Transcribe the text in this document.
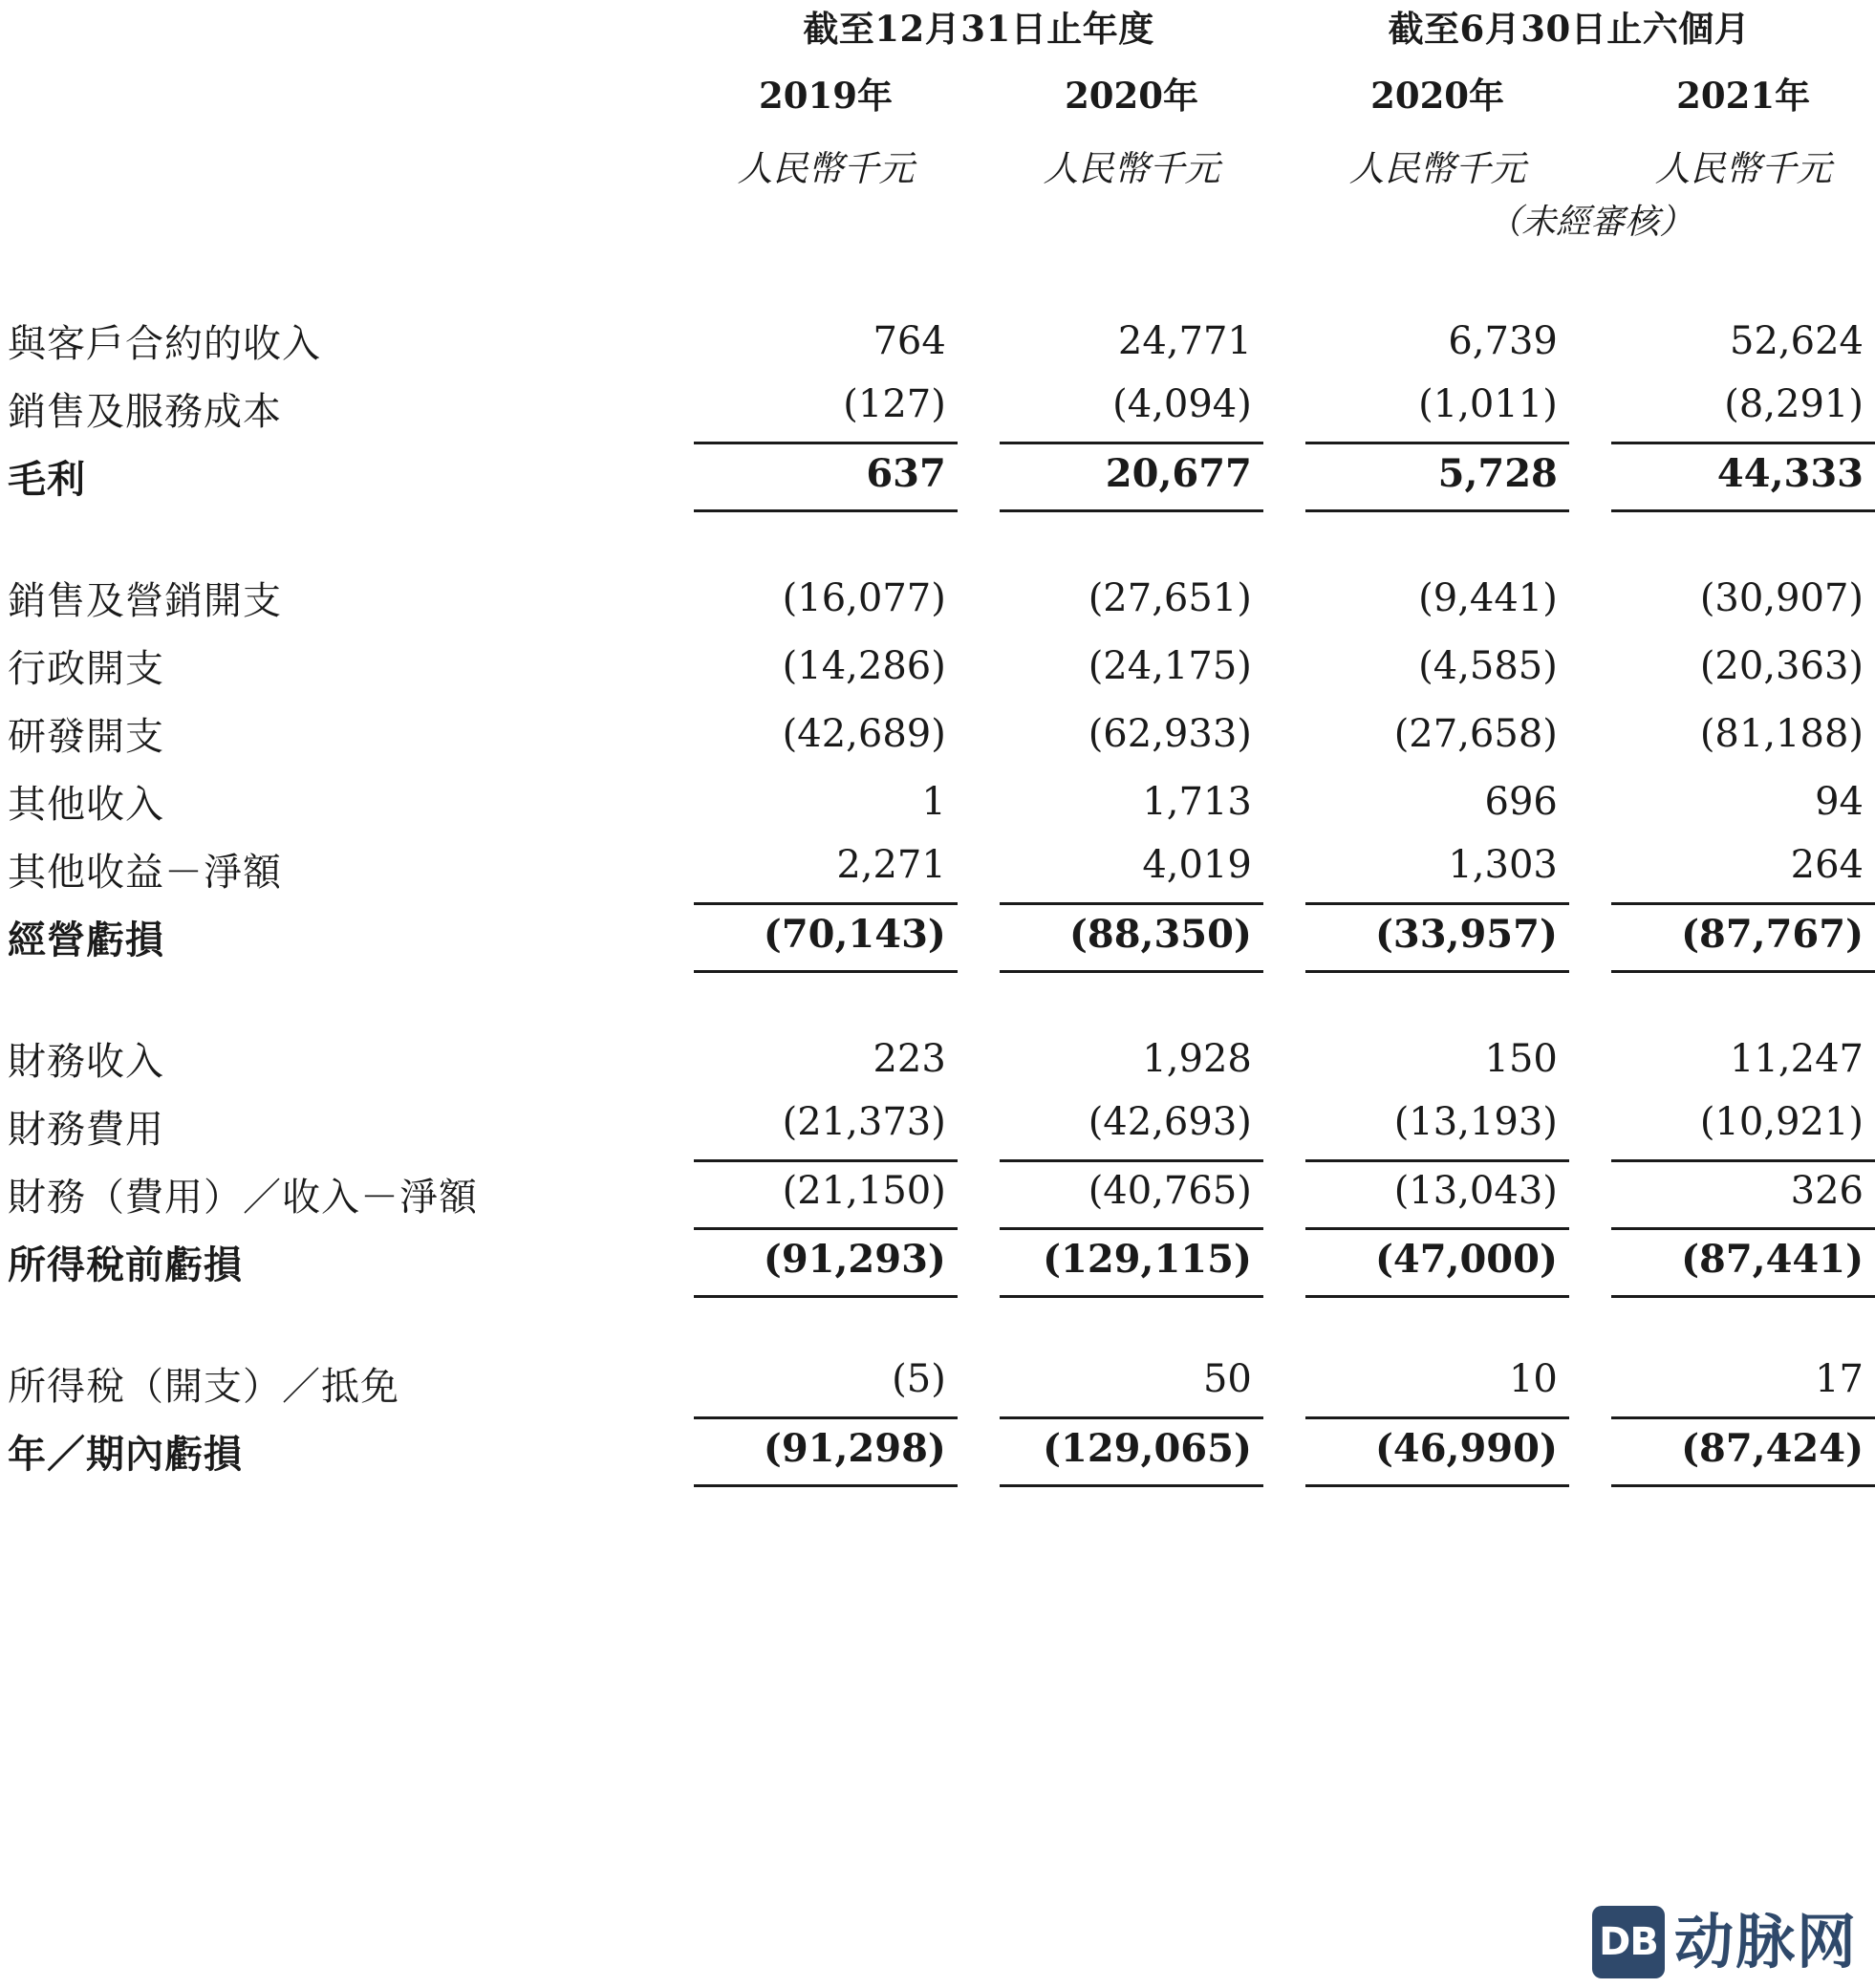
	截至12月31日止年度			截至6月30日止六個月			
	2019年		2020年		2020年		2021年
	人民幣千元		人民幣千元		人民幣千元		人民幣千元
					（未經審核）		

與客戶合約的收入	764		24,771		6,739		52,624
銷售及服務成本	(127)		(4,094)		(1,011)		(8,291)
毛利	637		20,677		5,728		44,333

銷售及營銷開支	(16,077)		(27,651)		(9,441)		(30,907)
行政開支	(14,286)		(24,175)		(4,585)		(20,363)
研發開支	(42,689)		(62,933)		(27,658)		(81,188)
其他收入	1		1,713		696		94
其他收益－淨額	2,271		4,019		1,303		264
經營虧損	(70,143)		(88,350)		(33,957)		(87,767)

財務收入	223		1,928		150		11,247
財務費用	(21,373)		(42,693)		(13,193)		(10,921)
財務（費用）／收入－淨額	(21,150)		(40,765)		(13,043)		326
所得稅前虧損	(91,293)		(129,115)		(47,000)		(87,441)

所得稅（開支）／抵免	(5)		50		10		17
年／期內虧損	(91,298)		(129,065)		(46,990)		(87,424)
DB 动脉网
